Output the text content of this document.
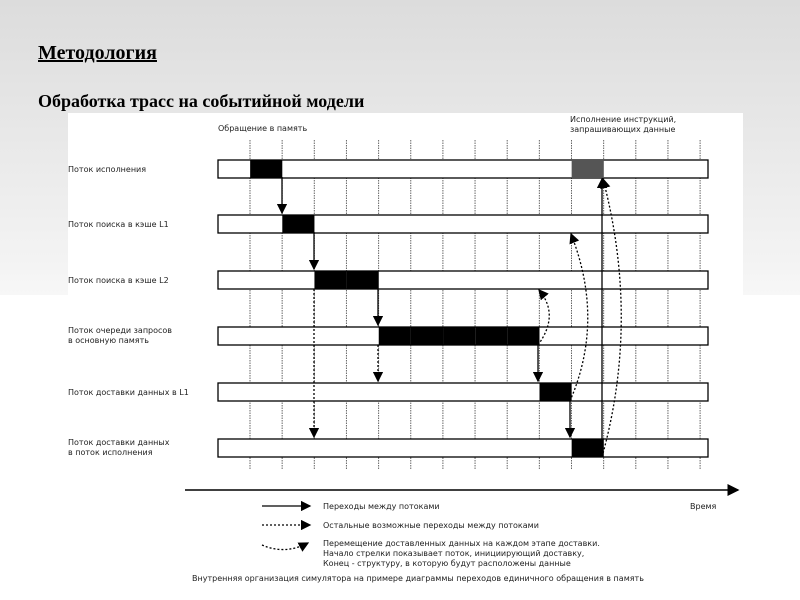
Методология
Обработка трасс на событийной модели
Поток исполнения
Поток поиска в кэше L1
Поток поиска в кэше L2
Поток очереди запросов
в основную память
Поток доставки данных в L1
Поток доставки данных
в поток исполнения
Обращение в память
Исполнение инструкций,
запрашивающих данные
Время
Переходы между потоками
Остальные возможные переходы между потоками
Перемещение доставленных данных на каждом этапе доставки.
Начало стрелки показывает поток, инициирующий доставку,
Конец - структуру, в которую будут расположены данные
Внутренняя организация симулятора на примере диаграммы переходов единичного обращения в память
